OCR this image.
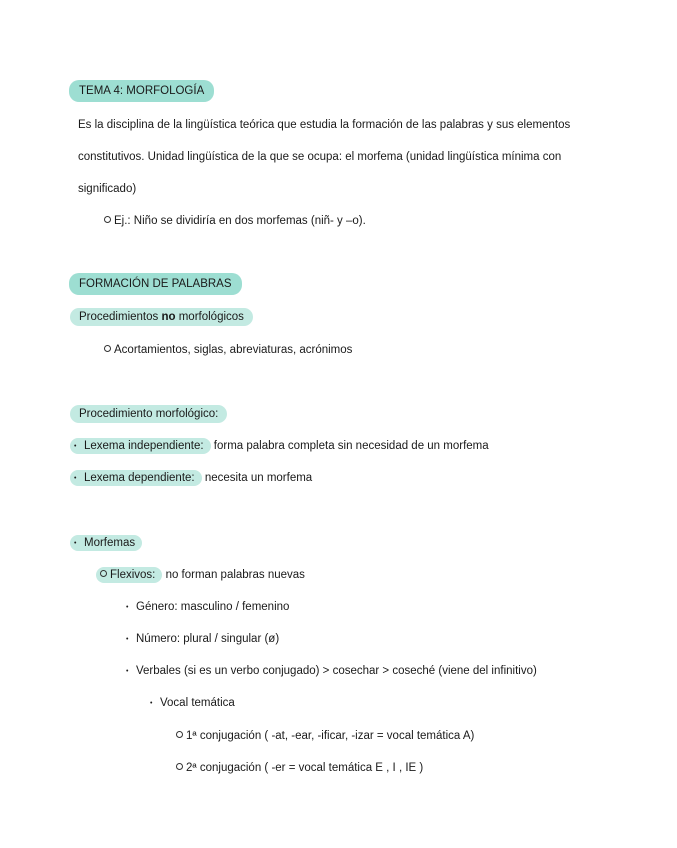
TEMA 4: MORFOLOGÍA
Es la disciplina de la lingüística teórica que estudia la formación de las palabras y sus elementos
constitutivos. Unidad lingüística de la que se ocupa: el morfema (unidad lingüística mínima con
significado)
Ej.: Niño se dividiría en dos morfemas (niñ- y –o).
FORMACIÓN DE PALABRAS
Procedimientos no morfológicos
Acortamientos, siglas, abreviaturas, acrónimos
Procedimiento morfológico:
• Lexema independiente: forma palabra completa sin necesidad de un morfema
• Lexema dependiente: necesita un morfema
• Morfemas
Flexivos: no forman palabras nuevas
• Género: masculino / femenino
• Número: plural / singular (ø)
• Verbales (si es un verbo conjugado) > cosechar > coseché (viene del infinitivo)
• Vocal temática
1ª conjugación ( -at, -ear, -ificar, -izar = vocal temática A)
2ª conjugación ( -er = vocal temática E , I , IE )
